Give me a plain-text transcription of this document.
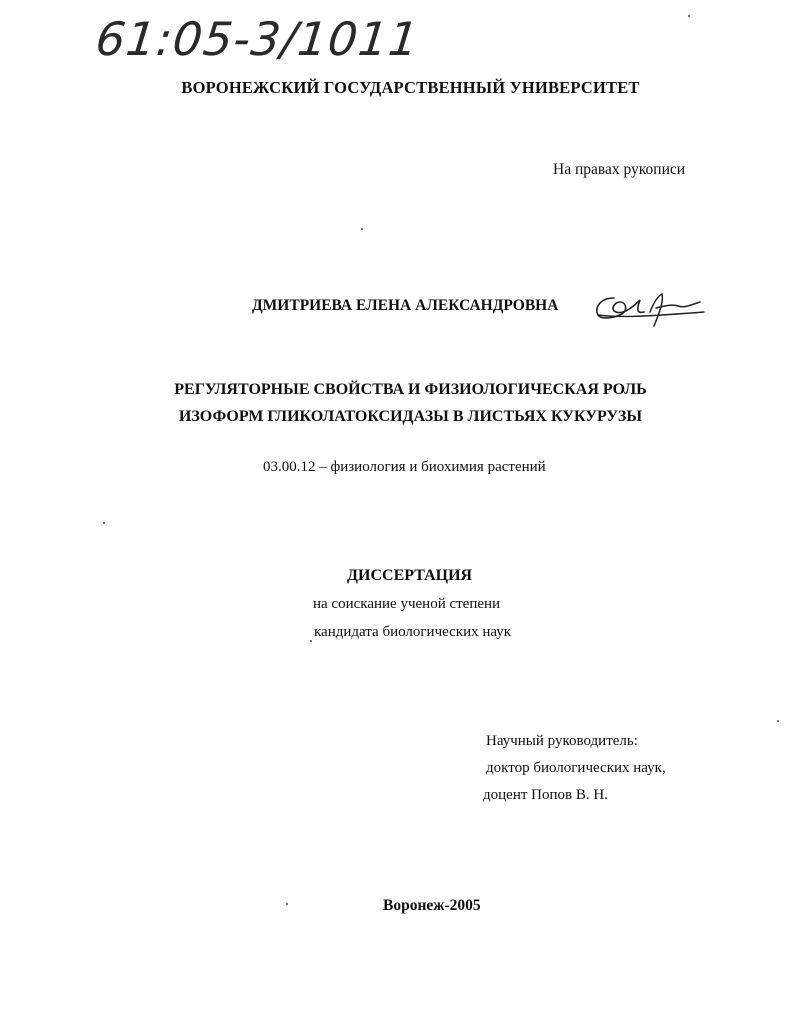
61:05-3/1011
ВОРОНЕЖСКИЙ ГОСУДАРСТВЕННЫЙ УНИВЕРСИТЕТ
На правах рукописи
ДМИТРИЕВА ЕЛЕНА АЛЕКСАНДРОВНА
РЕГУЛЯТОРНЫЕ СВОЙСТВА И ФИЗИОЛОГИЧЕСКАЯ РОЛЬ
ИЗОФОРМ ГЛИКОЛАТОКСИДАЗЫ В ЛИСТЬЯХ КУКУРУЗЫ
03.00.12 – физиология и биохимия растений
ДИССЕРТАЦИЯ
на соискание ученой степени
кандидата биологических наук
Научный руководитель:
доктор биологических наук,
доцент Попов В. Н.
Воронеж-2005
